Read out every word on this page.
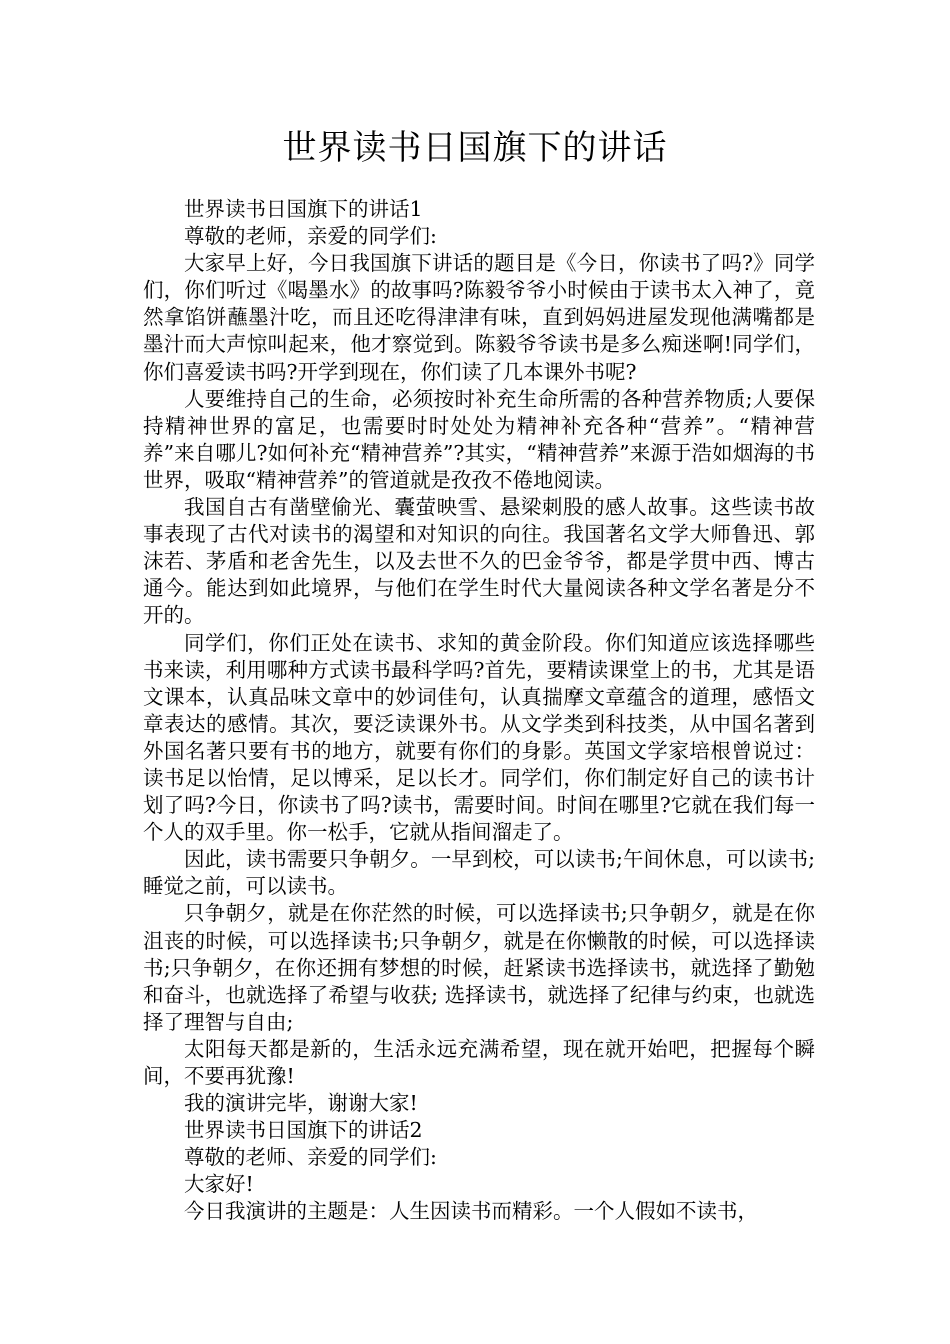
世界读书日国旗下的讲话

世界读书日国旗下的讲话1

尊敬的老师，亲爱的同学们:

大家早上好，今日我国旗下讲话的题目是《今日，你读书了吗?》同学们，你们听过《喝墨水》的故事吗?陈毅爷爷小时候由于读书太入神了，竟然拿馅饼蘸墨汁吃，而且还吃得津津有味，直到妈妈进屋发现他满嘴都是墨汁而大声惊叫起来，他才察觉到。陈毅爷爷读书是多么痴迷啊!同学们，你们喜爱读书吗?开学到现在，你们读了几本课外书呢?

人要维持自己的生命，必须按时补充生命所需的各种营养物质;人要保持精神世界的富足，也需要时时处处为精神补充各种“营养”。“精神营养”来自哪儿?如何补充“精神营养”?其实，“精神营养”来源于浩如烟海的书世界，吸取“精神营养”的管道就是孜孜不倦地阅读。

我国自古有凿壁偷光、囊萤映雪、悬梁刺股的感人故事。这些读书故事表现了古代对读书的渴望和对知识的向往。我国著名文学大师鲁迅、郭沫若、茅盾和老舍先生，以及去世不久的巴金爷爷，都是学贯中西、博古通今。能达到如此境界，与他们在学生时代大量阅读各种文学名著是分不开的。

同学们，你们正处在读书、求知的黄金阶段。你们知道应该选择哪些书来读，利用哪种方式读书最科学吗?首先，要精读课堂上的书，尤其是语文课本，认真品味文章中的妙词佳句，认真揣摩文章蕴含的道理，感悟文章表达的感情。其次，要泛读课外书。从文学类到科技类，从中国名著到外国名著只要有书的地方，就要有你们的身影。英国文学家培根曾说过：读书足以怡情，足以博采，足以长才。同学们，你们制定好自己的读书计划了吗?今日，你读书了吗?读书，需要时间。时间在哪里?它就在我们每一个人的双手里。你一松手，它就从指间溜走了。

因此，读书需要只争朝夕。一早到校，可以读书;午间休息，可以读书;睡觉之前，可以读书。

只争朝夕，就是在你茫然的时候，可以选择读书;只争朝夕，就是在你沮丧的时候，可以选择读书;只争朝夕，就是在你懒散的时候，可以选择读书;只争朝夕，在你还拥有梦想的时候，赶紧读书选择读书，就选择了勤勉和奋斗，也就选择了希望与收获; 选择读书，就选择了纪律与约束，也就选择了理智与自由;

太阳每天都是新的，生活永远充满希望，现在就开始吧，把握每个瞬间，不要再犹豫!

我的演讲完毕，谢谢大家!

世界读书日国旗下的讲话2

尊敬的老师、亲爱的同学们:

大家好!

今日我演讲的主题是：人生因读书而精彩。一个人假如不读书，
